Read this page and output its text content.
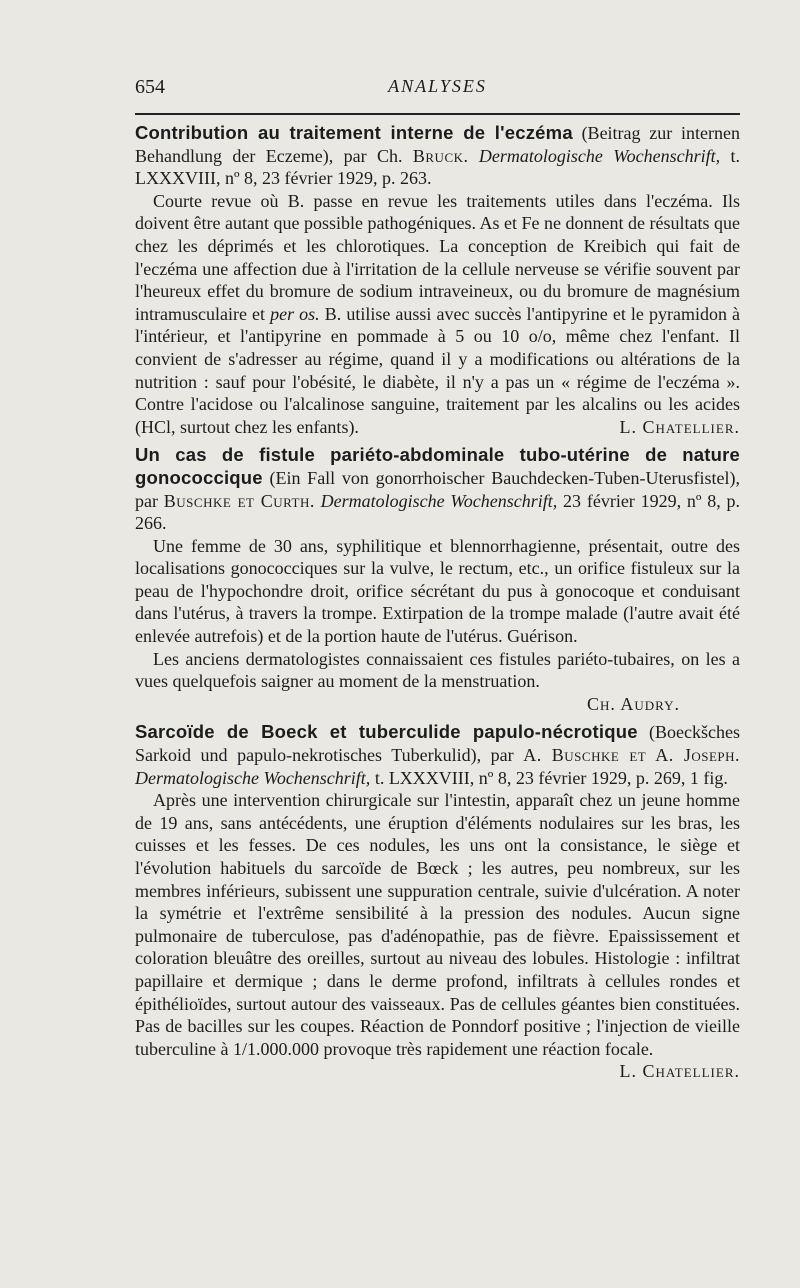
654	ANALYSES
Contribution au traitement interne de l'eczéma (Beitrag zur internen Behandlung der Eczeme), par Ch. Bruck. Dermatologische Wochenschrift, t. LXXXVIII, nº 8, 23 février 1929, p. 263.

Courte revue où B. passe en revue les traitements utiles dans l'eczéma. Ils doivent être autant que possible pathogéniques. As et Fe ne donnent de résultats que chez les déprimés et les chlorotiques. La conception de Kreibich qui fait de l'eczéma une affection due à l'irritation de la cellule nerveuse se vérifie souvent par l'heureux effet du bromure de sodium intraveineux, ou du bromure de magnésium intramusculaire et per os. B. utilise aussi avec succès l'antipyrine et le pyramidon à l'intérieur, et l'antipyrine en pommade à 5 ou 10 o/o, même chez l'enfant. Il convient de s'adresser au régime, quand il y a modifications ou altérations de la nutrition : sauf pour l'obésité, le diabète, il n'y a pas un « régime de l'eczéma ». Contre l'acidose ou l'alcalinose sanguine, traitement par les alcalins ou les acides (HCl, surtout chez les enfants).	L. Chatellier.

Un cas de fistule pariéto-abdominale tubo-utérine de nature gonococcique (Ein Fall von gonorrhoischer Bauchdecken-Tuben-Uterusfistel), par Buschke et Curth. Dermatologische Wochenschrift, 23 février 1929, nº 8, p. 266.

Une femme de 30 ans, syphilitique et blennorrhagienne, présentait, outre des localisations gonococciques sur la vulve, le rectum, etc., un orifice fistuleux sur la peau de l'hypochondre droit, orifice sécrétant du pus à gonocoque et conduisant dans l'utérus, à travers la trompe. Extirpation de la trompe malade (l'autre avait été enlevée autrefois) et de la portion haute de l'utérus. Guérison.

Les anciens dermatologistes connaissaient ces fistules pariéto-tubaires, on les a vues quelquefois saigner au moment de la menstruation.

Ch. Audry.
Sarcoïde de Boeck et tuberculide papulo-nécrotique (Boeckšches Sarkoid und papulo-nekrotisches Tuberkulid), par A. Buschke et A. Joseph. Dermatologische Wochenschrift, t. LXXXVIII, nº 8, 23 février 1929, p. 269, 1 fig.

Après une intervention chirurgicale sur l'intestin, apparaît chez un jeune homme de 19 ans, sans antécédents, une éruption d'éléments nodulaires sur les bras, les cuisses et les fesses. De ces nodules, les uns ont la consistance, le siège et l'évolution habituels du sarcoïde de Bœck ; les autres, peu nombreux, sur les membres inférieurs, subissent une suppuration centrale, suivie d'ulcération. A noter la symétrie et l'extrême sensibilité à la pression des nodules. Aucun signe pulmonaire de tuberculose, pas d'adénopathie, pas de fièvre. Epaississement et coloration bleuâtre des oreilles, surtout au niveau des lobules. Histologie : infiltrat papillaire et dermique ; dans le derme profond, infiltrats à cellules rondes et épithélioïdes, surtout autour des vaisseaux. Pas de cellules géantes bien constituées. Pas de bacilles sur les coupes. Réaction de Ponndorf positive ; l'injection de vieille tuberculine à 1/1.000.000 provoque très rapidement une réaction focale.
L. Chatellier.
